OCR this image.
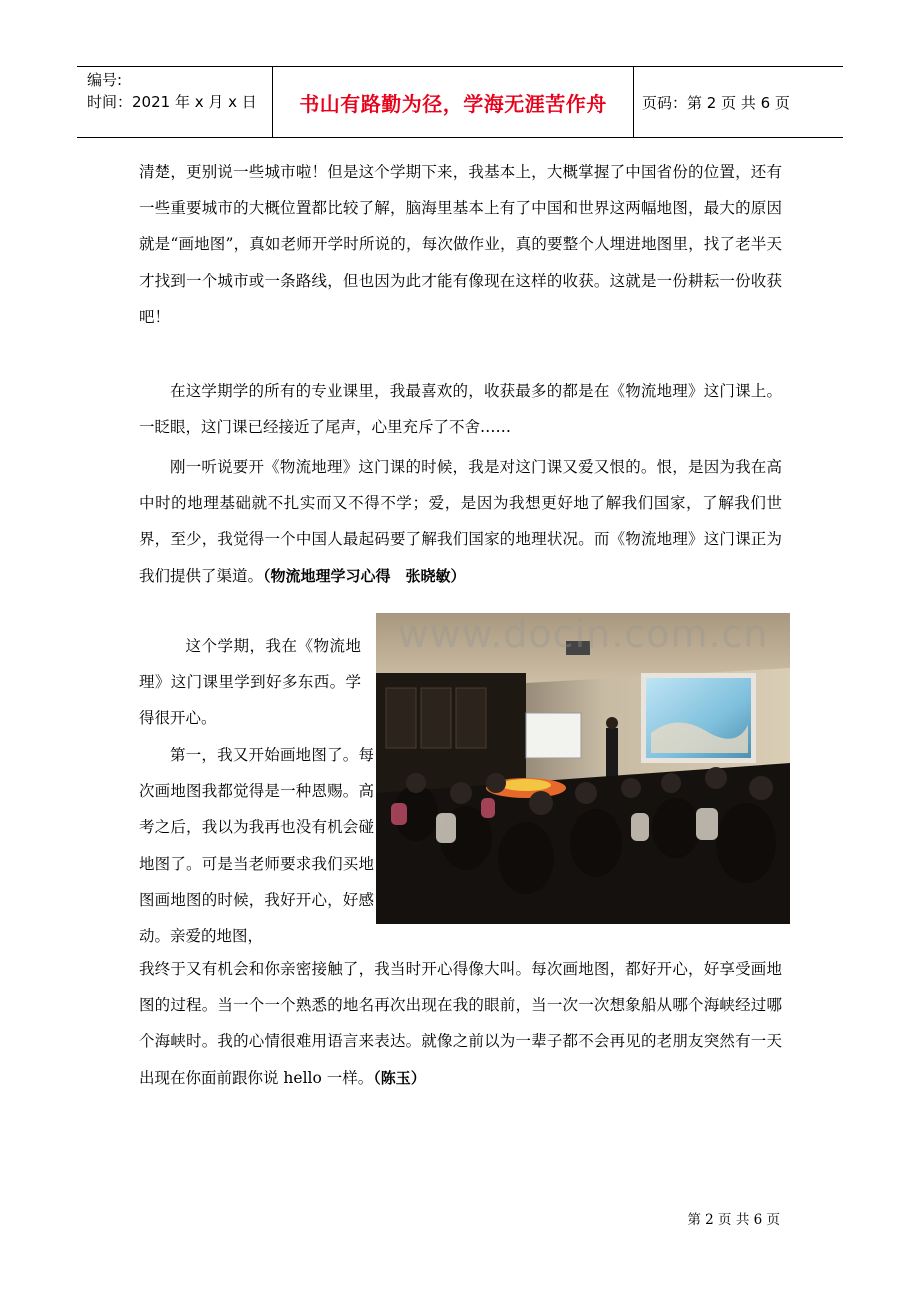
编号:
时间：2021 年 x 月 x 日 书山有路勤为径，学海无涯苦作舟 页码：第 2 页 共 6 页

清楚，更别说一些城市啦！但是这个学期下来，我基本上，大概掌握了中国省份的位置，还有一些重要城市的大概位置都比较了解，脑海里基本上有了中国和世界这两幅地图，最大的原因就是“画地图”，真如老师开学时所说的，每次做作业，真的要整个人埋进地图里，找了老半天才找到一个城市或一条路线，但也因为此才能有像现在这样的收获。这就是一份耕耘一份收获吧！

在这学期学的所有的专业课里，我最喜欢的，收获最多的都是在《物流地理》这门课上。一眨眼，这门课已经接近了尾声，心里充斥了不舍……

刚一听说要开《物流地理》这门课的时候，我是对这门课又爱又恨的。恨，是因为我在高中时的地理基础就不扎实而又不得不学；爱，是因为我想更好地了解我们国家，了解我们世界，至少，我觉得一个中国人最起码要了解我们国家的地理状况。而《物流地理》这门课正为我们提供了渠道。（物流地理学习心得　张晓敏）

这个学期，我在《物流地理》这门课里学到好多东西。学得很开心。

第一，我又开始画地图了。每次画地图我都觉得是一种恩赐。高考之后，我以为我再也没有机会碰地图了。可是当老师要求我们买地图画地图的时候，我好开心，好感动。亲爱的地图，

我终于又有机会和你亲密接触了，我当时开心得像大叫。每次画地图，都好开心，好享受画地图的过程。当一个一个熟悉的地名再次出现在我的眼前，当一次一次想象船从哪个海峡经过哪个海峡时。我的心情很难用语言来表达。就像之前以为一辈子都不会再见的老朋友突然有一天出现在你面前跟你说 hello 一样。（陈玉）

www.docin.com.cn
第 2 页 共 6 页
